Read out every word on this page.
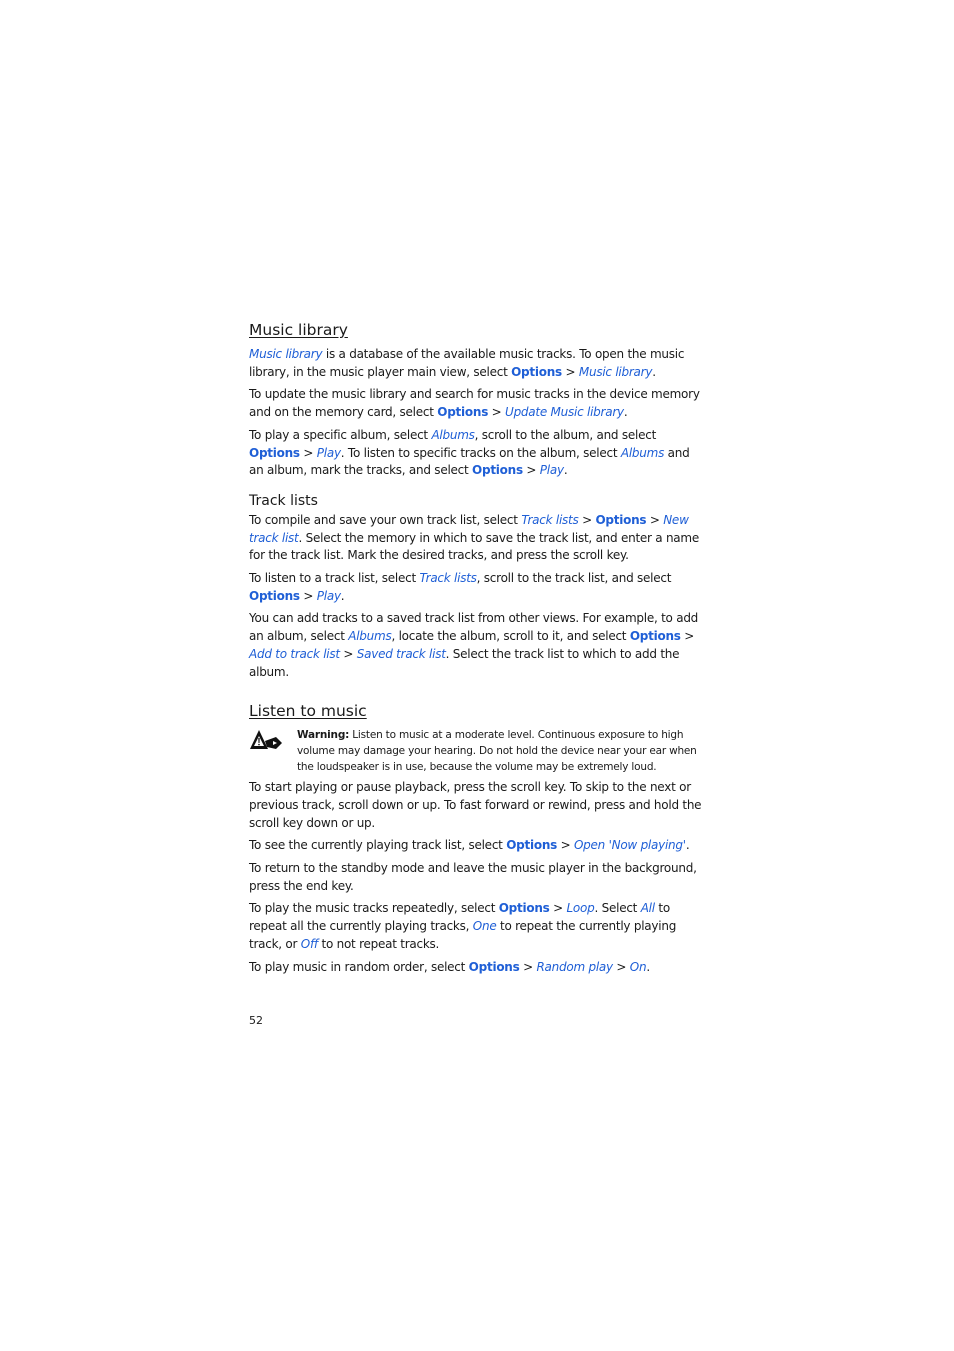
Music library

Music library is a database of the available music tracks. To open the music library, in the music player main view, select Options > Music library.

To update the music library and search for music tracks in the device memory and on the memory card, select Options > Update Music library.

To play a specific album, select Albums, scroll to the album, and select Options > Play. To listen to specific tracks on the album, select Albums and an album, mark the tracks, and select Options > Play.

Track lists

To compile and save your own track list, select Track lists > Options > New track list. Select the memory in which to save the track list, and enter a name for the track list. Mark the desired tracks, and press the scroll key.

To listen to a track list, select Track lists, scroll to the track list, and select Options > Play.

You can add tracks to a saved track list from other views. For example, to add an album, select Albums, locate the album, scroll to it, and select Options > Add to track list > Saved track list. Select the track list to which to add the album.

Listen to music

Warning: Listen to music at a moderate level. Continuous exposure to high volume may damage your hearing. Do not hold the device near your ear when the loudspeaker is in use, because the volume may be extremely loud.

To start playing or pause playback, press the scroll key. To skip to the next or previous track, scroll down or up. To fast forward or rewind, press and hold the scroll key down or up.

To see the currently playing track list, select Options > Open 'Now playing'.

To return to the standby mode and leave the music player in the background, press the end key.

To play the music tracks repeatedly, select Options > Loop. Select All to repeat all the currently playing tracks, One to repeat the currently playing track, or Off to not repeat tracks.

To play music in random order, select Options > Random play > On.

52
